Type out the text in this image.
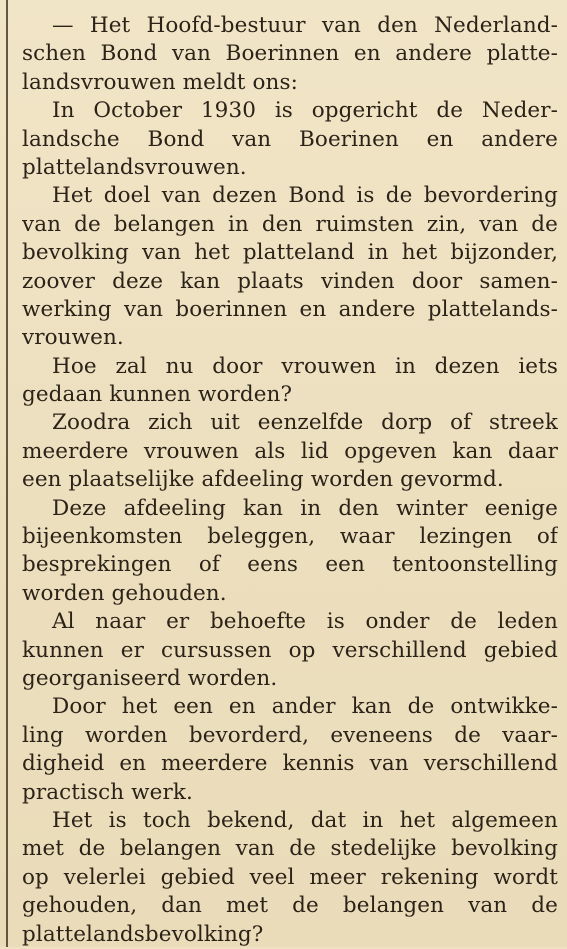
— Het Hoofd-bestuur van den Nederland-
schen Bond van Boerinnen en andere platte-
landsvrouwen meldt ons:
In October 1930 is opgericht de Neder-
landsche Bond van Boerinen en andere
plattelandsvrouwen.
Het doel van dezen Bond is de bevordering
van de belangen in den ruimsten zin, van de
bevolking van het platteland in het bijzonder,
zoover deze kan plaats vinden door samen-
werking van boerinnen en andere plattelands-
vrouwen.
Hoe zal nu door vrouwen in dezen iets
gedaan kunnen worden?
Zoodra zich uit eenzelfde dorp of streek
meerdere vrouwen als lid opgeven kan daar
een plaatselijke afdeeling worden gevormd.
Deze afdeeling kan in den winter eenige
bijeenkomsten beleggen, waar lezingen of
besprekingen of eens een tentoonstelling
worden gehouden.
Al naar er behoefte is onder de leden
kunnen er cursussen op verschillend gebied
georganiseerd worden.
Door het een en ander kan de ontwikke-
ling worden bevorderd, eveneens de vaar-
digheid en meerdere kennis van verschillend
practisch werk.
Het is toch bekend, dat in het algemeen
met de belangen van de stedelijke bevolking
op velerlei gebied veel meer rekening wordt
gehouden, dan met de belangen van de
plattelandsbevolking?
